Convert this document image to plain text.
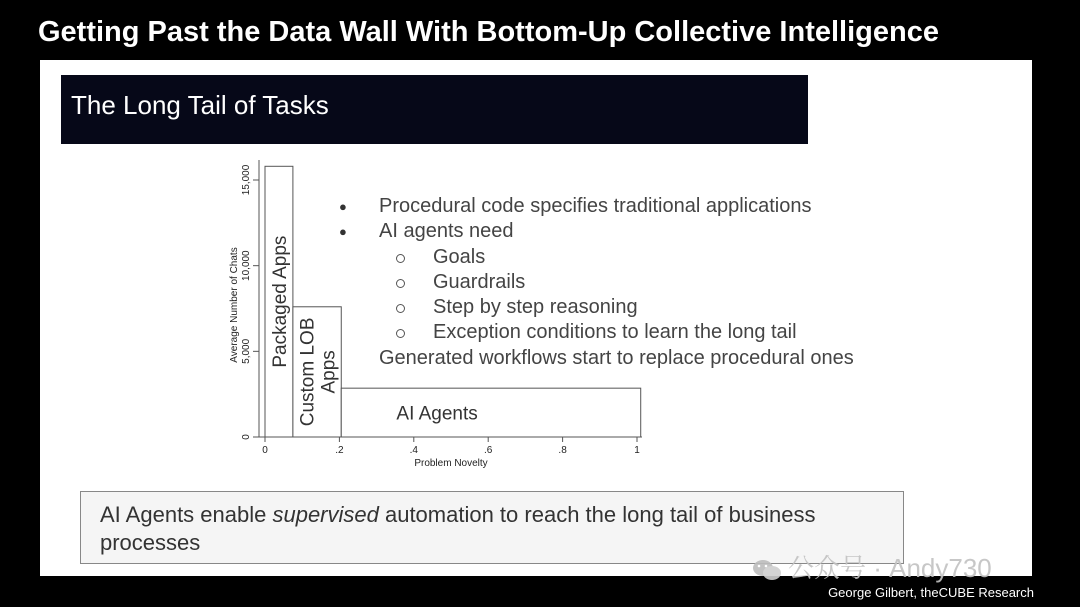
Getting Past the Data Wall With Bottom-Up Collective Intelligence
The Long Tail of Tasks
Packaged Apps
Custom LOB Apps
AI Agents
0
5,000
10,000
15,000
0	.2	.4	.6	.8	1
Problem Novelty
Average Number of Chats
● Procedural code specifies traditional applications
● AI agents need
Goals
Guardrails
Step by step reasoning
Exception conditions to learn the long tail
Generated workflows start to replace procedural ones

AI Agents enable supervised automation to reach the long tail of business processes

公众号 · Andy730
George Gilbert, theCUBE Research
